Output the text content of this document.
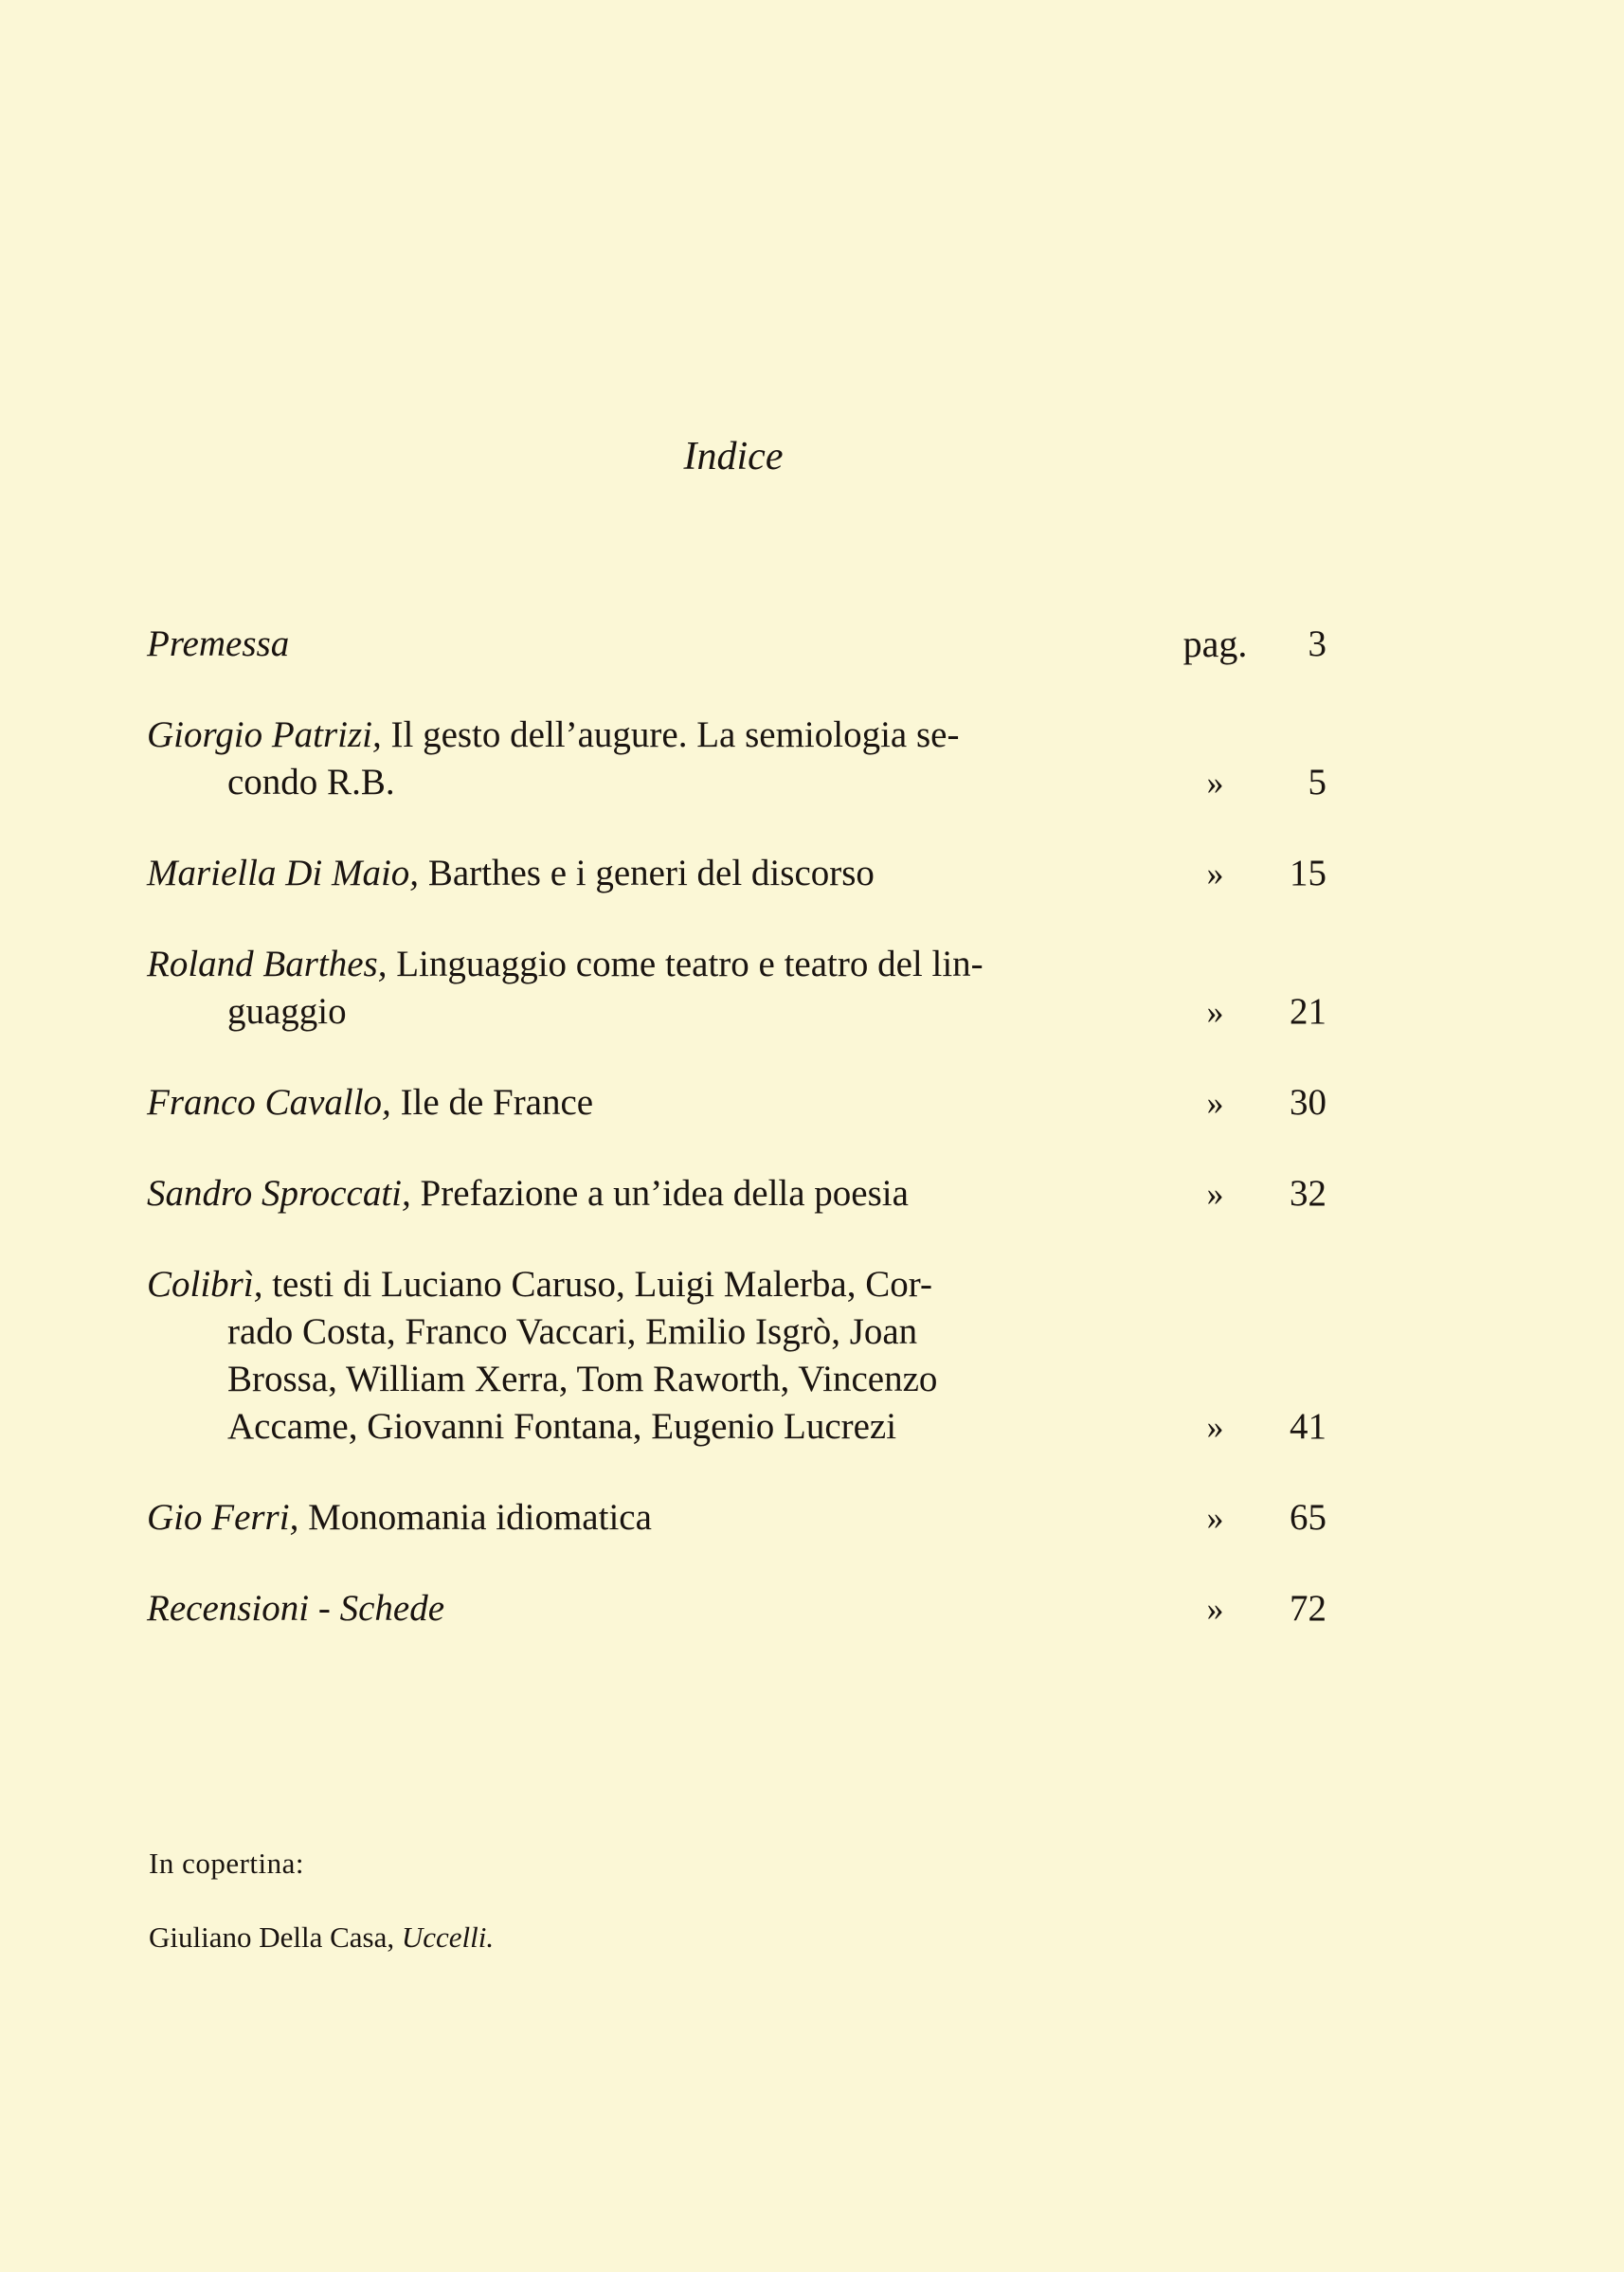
Indice
Premessa	pag.	3
Giorgio Patrizi, Il gesto dell’augure. La semiologia se-
condo R.B.	»	5
Mariella Di Maio, Barthes e i generi del discorso	»	15
Roland Barthes, Linguaggio come teatro e teatro del lin-
guaggio	»	21
Franco Cavallo, Ile de France	»	30
Sandro Sproccati, Prefazione a un’idea della poesia	»	32
Colibrì, testi di Luciano Caruso, Luigi Malerba, Cor-
rado Costa, Franco Vaccari, Emilio Isgrò, Joan
Brossa, William Xerra, Tom Raworth, Vincenzo
Accame, Giovanni Fontana, Eugenio Lucrezi	»	41
Gio Ferri, Monomania idiomatica	»	65
Recensioni - Schede	»	72
In copertina:
Giuliano Della Casa, Uccelli.
